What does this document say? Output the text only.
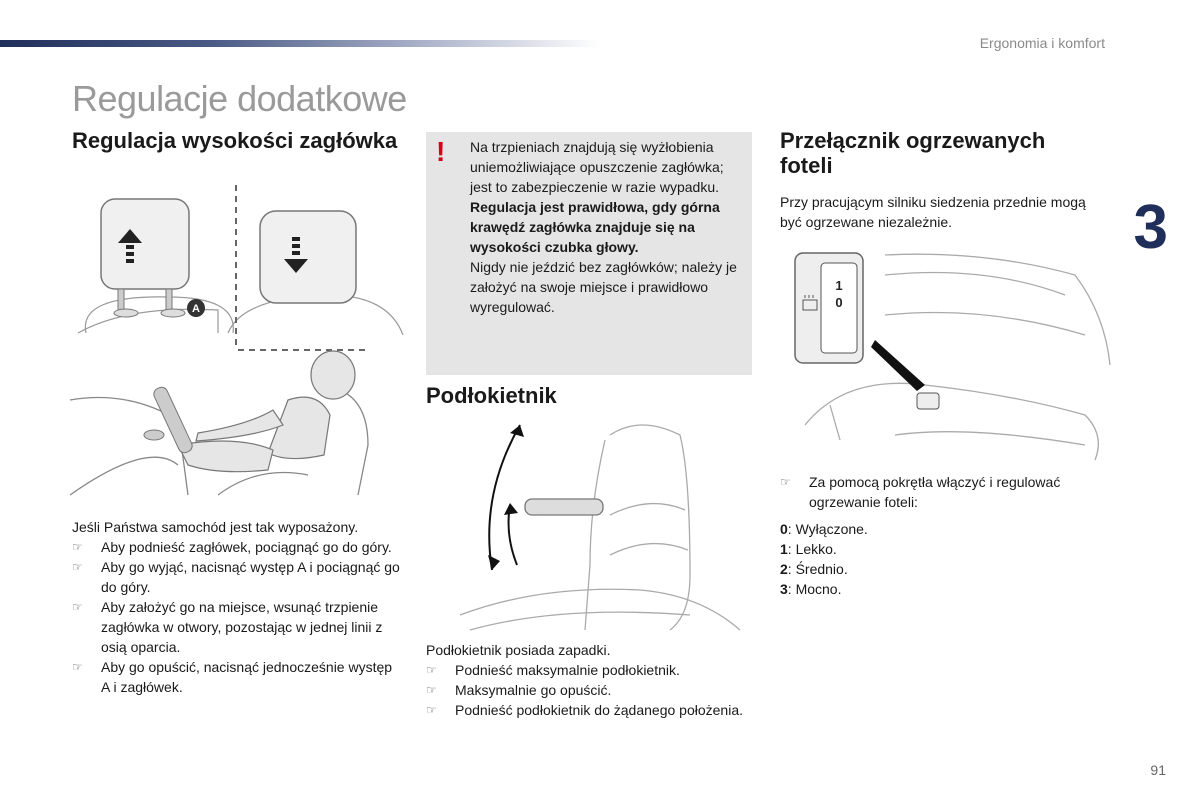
Ergonomia i komfort
3
Regulacje dodatkowe
Regulacja wysokości zagłówka
A
Jeśli Państwa samochód jest tak wyposażony.
☞ Aby podnieść zagłówek, pociągnąć go do góry.
☞ Aby go wyjąć, nacisnąć występ A i pociągnąć go do góry.
☞ Aby założyć go na miejsce, wsunąć trzpienie zagłówka w otwory, pozostając w jednej linii z osią oparcia.
☞ Aby go opuścić, nacisnąć jednocześnie występ A i zagłówek.
! Na trzpieniach znajdują się wyżłobienia uniemożliwiające opuszczenie zagłówka; jest to zabezpieczenie w razie wypadku.
Regulacja jest prawidłowa, gdy górna krawędź zagłówka znajduje się na wysokości czubka głowy.
Nigdy nie jeździć bez zagłówków; należy je założyć na swoje miejsce i prawidłowo wyregulować.
Podłokietnik
Podłokietnik posiada zapadki.
☞ Podnieść maksymalnie podłokietnik.
☞ Maksymalnie go opuścić.
☞ Podnieść podłokietnik do żądanego położenia.
Przełącznik ogrzewanych foteli
Przy pracującym silniku siedzenia przednie mogą być ogrzewane niezależnie.
1
0
☞ Za pomocą pokrętła włączyć i regulować ogrzewanie foteli:
0: Wyłączone.
1: Lekko.
2: Średnio.
3: Mocno.
91
